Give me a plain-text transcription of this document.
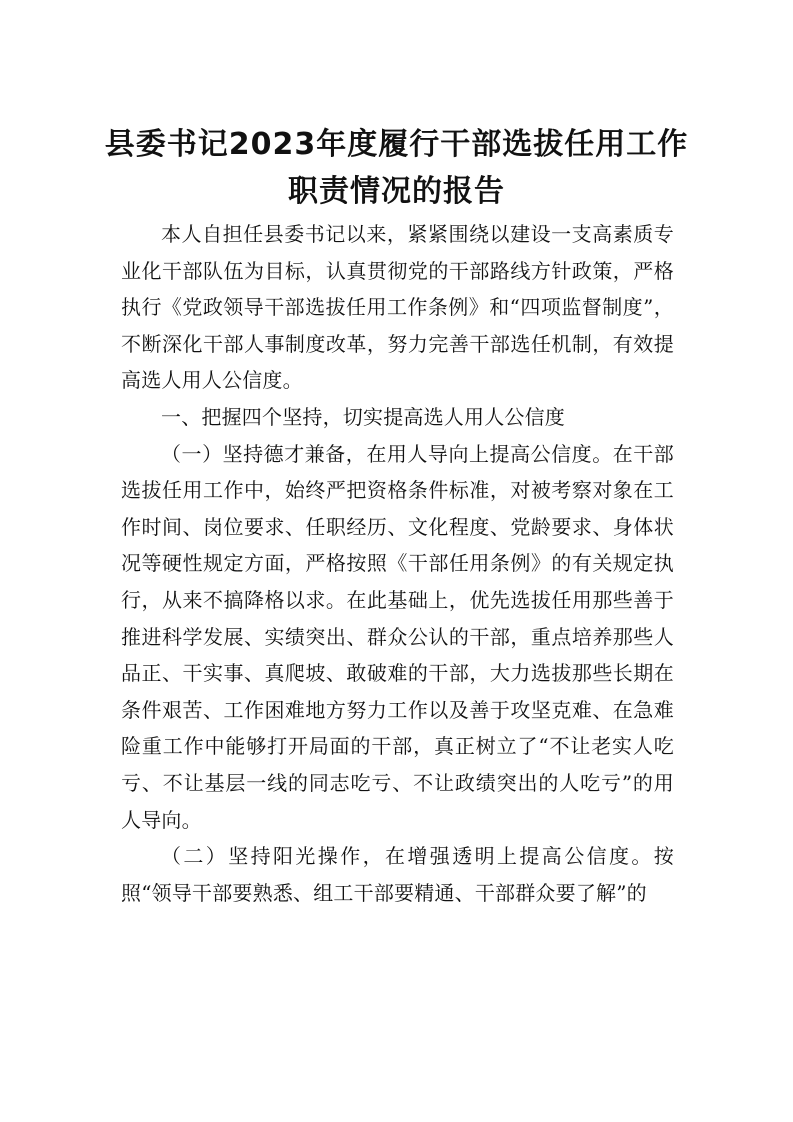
县委书记2023年度履行干部选拔任用工作
职责情况的报告

本人自担任县委书记以来，紧紧围绕以建设一支高素质专业化干部队伍为目标，认真贯彻党的干部路线方针政策，严格执行《党政领导干部选拔任用工作条例》和“四项监督制度”，不断深化干部人事制度改革，努力完善干部选任机制，有效提高选人用人公信度。

一、把握四个坚持，切实提高选人用人公信度

（一）坚持德才兼备，在用人导向上提高公信度。在干部选拔任用工作中，始终严把资格条件标准，对被考察对象在工作时间、岗位要求、任职经历、文化程度、党龄要求、身体状况等硬性规定方面，严格按照《干部任用条例》的有关规定执行，从来不搞降格以求。在此基础上，优先选拔任用那些善于推进科学发展、实绩突出、群众公认的干部，重点培养那些人品正、干实事、真爬坡、敢破难的干部，大力选拔那些长期在条件艰苦、工作困难地方努力工作以及善于攻坚克难、在急难险重工作中能够打开局面的干部，真正树立了“不让老实人吃亏、不让基层一线的同志吃亏、不让政绩突出的人吃亏”的用人导向。

（二）坚持阳光操作，在增强透明上提高公信度。按照“领导干部要熟悉、组工干部要精通、干部群众要了解”的
